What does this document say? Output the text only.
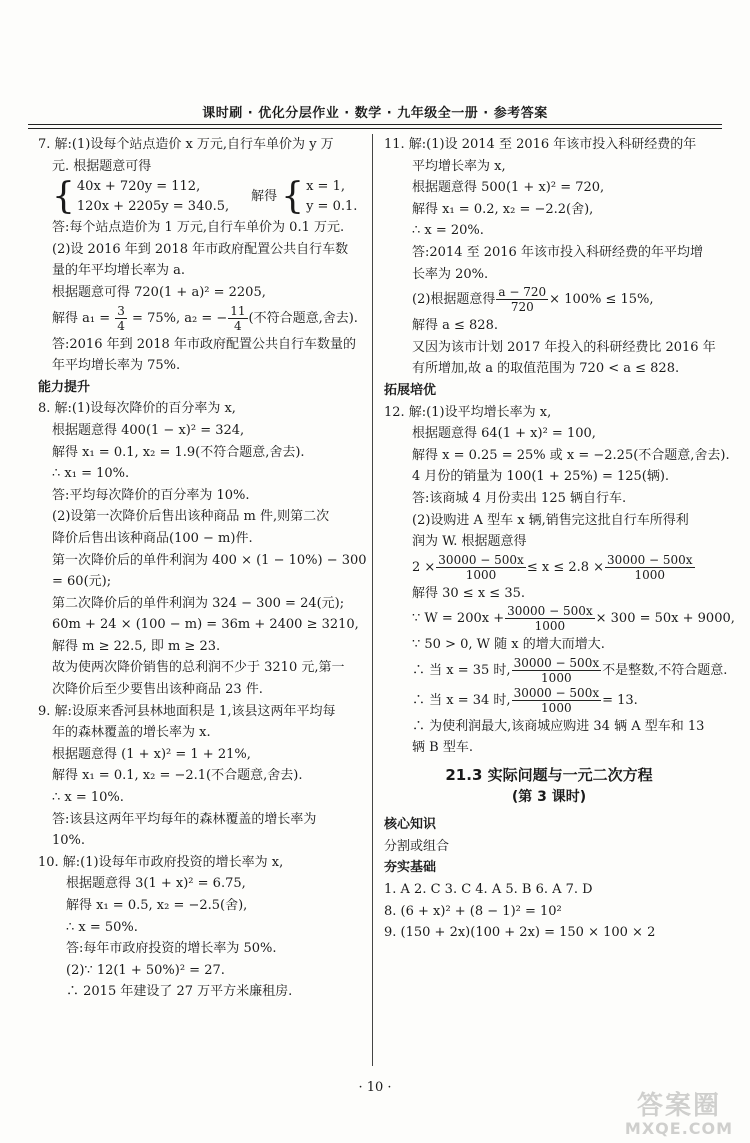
课时刷 · 优化分层作业 · 数学 · 九年级全一册 · 参考答案
7. 解:(1)设每个站点造价 x 万元,自行车单价为 y 万
元. 根据题意可得
{ 40x + 720y = 112,
120x + 2205y = 340.5,
解得 { x = 1,
y = 0.1.
答:每个站点造价为 1 万元,自行车单价为 0.1 万元.
(2)设 2016 年到 2018 年市政府配置公共自行车数
量的年平均增长率为 a.
根据题意可得 720(1 + a)² = 2205,
解得 $a_1 = \frac{3}{4} = 75\%$, a₂ = − $\frac{11}{4}$ (不符合题意,舍去).
答:2016 年到 2018 年市政府配置公共自行车数量的
年平均增长率为 75%.
能力提升
8. 解:(1)设每次降价的百分率为 x,
根据题意得 400(1 − x)² = 324,
解得 x₁ = 0.1, x₂ = 1.9(不符合题意,舍去).
∴ x₁ = 10%.
答:平均每次降价的百分率为 10%.
(2)设第一次降价后售出该种商品 m 件,则第二次
降价后售出该种商品(100 − m)件.
第一次降价后的单件利润为 400 × (1 − 10%) − 300
= 60(元);
第二次降价后的单件利润为 324 − 300 = 24(元);
60m + 24 × (100 − m) = 36m + 2400 ≥ 3210,
解得 m ≥ 22.5, 即 m ≥ 23.
故为使两次降价销售的总利润不少于 3210 元,第一
次降价后至少要售出该种商品 23 件.
9. 解:设原来香河县林地面积是 1,该县这两年平均每
年的森林覆盖的增长率为 x.
根据题意得 (1 + x)² = 1 + 21%,
解得 x₁ = 0.1, x₂ = −2.1(不合题意,舍去).
∴ x = 10%.
答:该县这两年平均每年的森林覆盖的增长率为
10%.
10. 解:(1)设每年市政府投资的增长率为 x,
根据题意得 3(1 + x)² = 6.75,
解得 x₁ = 0.5, x₂ = −2.5(舍),
∴ x = 50%.
答:每年市政府投资的增长率为 50%.
(2)∵ 12(1 + 50%)² = 27.
∴ 2015 年建设了 27 万平方米廉租房.
11. 解:(1)设 2014 至 2016 年该市投入科研经费的年
平均增长率为 x,
根据题意得 500(1 + x)² = 720,
解得 x₁ = 0.2, x₂ = −2.2(舍),
∴ x = 20%.
答:2014 至 2016 年该市投入科研经费的年平均增
长率为 20%.
(2)根据题意得 $\frac{a - 720}{720} \times 100\% \le 15\%$,
解得 a ≤ 828.
又因为该市计划 2017 年投入的科研经费比 2016 年
有所增加,故 a 的取值范围为 720 < a ≤ 828.
拓展培优
12. 解:(1)设平均增长率为 x,
根据题意得 64(1 + x)² = 100,
解得 x = 0.25 = 25% 或 x = −2.25(不合题意,舍去).
4 月份的销量为 100(1 + 25%) = 125(辆).
答:该商城 4 月份卖出 125 辆自行车.
(2)设购进 A 型车 x 辆,销售完这批自行车所得利
润为 W. 根据题意得
$2 \times \frac{30000 - 500x}{1000} \le x \le 2.8 \times \frac{30000 - 500x}{1000}$
解得 30 ≤ x ≤ 35.
∵ $W = 200x + \frac{30000 - 500x}{1000} \times 300 = 50x + 9000$,
∵ 50 > 0, W 随 x 的增大而增大.
∴ 当 x = 35 时, $\frac{30000 - 500x}{1000}$ 不是整数,不符合题意.
∴ 当 x = 34 时, $\frac{30000 - 500x}{1000} = 13$.
∴ 为使利润最大,该商城应购进 34 辆 A 型车和 13
辆 B 型车.
21.3 实际问题与一元二次方程
(第 3 课时)
核心知识
分割或组合
夯实基础
1. A 2. C 3. C 4. A 5. B 6. A 7. D
8. (6 + x)² + (8 − 1)² = 10²
9. (150 + 2x)(100 + 2x) = 150 × 100 × 2
· 10 ·
答案圈
MXQE.COM
